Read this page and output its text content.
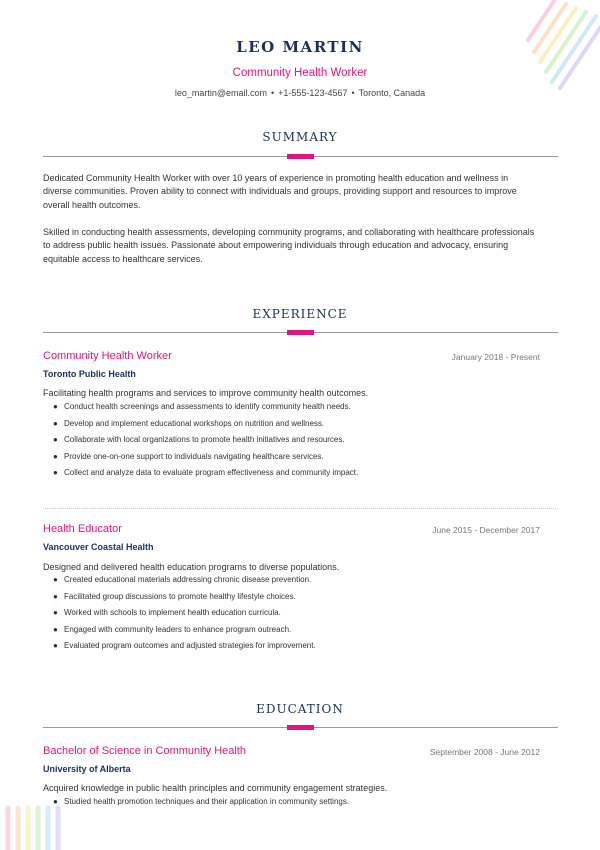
LEO MARTIN
Community Health Worker
leo_martin@email.com • +1-555-123-4567 • Toronto, Canada
SUMMARY

Dedicated Community Health Worker with over 10 years of experience in promoting health education and wellness in
diverse communities. Proven ability to connect with individuals and groups, providing support and resources to improve
overall health outcomes.

Skilled in conducting health assessments, developing community programs, and collaborating with healthcare professionals
to address public health issues. Passionate about empowering individuals through education and advocacy, ensuring
equitable access to healthcare services.

EXPERIENCE
Community Health Worker	January 2018 - Present
Toronto Public Health
Facilitating health programs and services to improve community health outcomes.
● Conduct health screenings and assessments to identify community health needs.
● Develop and implement educational workshops on nutrition and wellness.
● Collaborate with local organizations to promote health initiatives and resources.
● Provide one-on-one support to individuals navigating healthcare services.
● Collect and analyze data to evaluate program effectiveness and community impact.
Health Educator	June 2015 - December 2017
Vancouver Coastal Health
Designed and delivered health education programs to diverse populations.
● Created educational materials addressing chronic disease prevention.
● Facilitated group discussions to promote healthy lifestyle choices.
● Worked with schools to implement health education curricula.
● Engaged with community leaders to enhance program outreach.
● Evaluated program outcomes and adjusted strategies for improvement.
EDUCATION
Bachelor of Science in Community Health	September 2008 - June 2012
University of Alberta
Acquired knowledge in public health principles and community engagement strategies.
● Studied health promotion techniques and their application in community settings.
